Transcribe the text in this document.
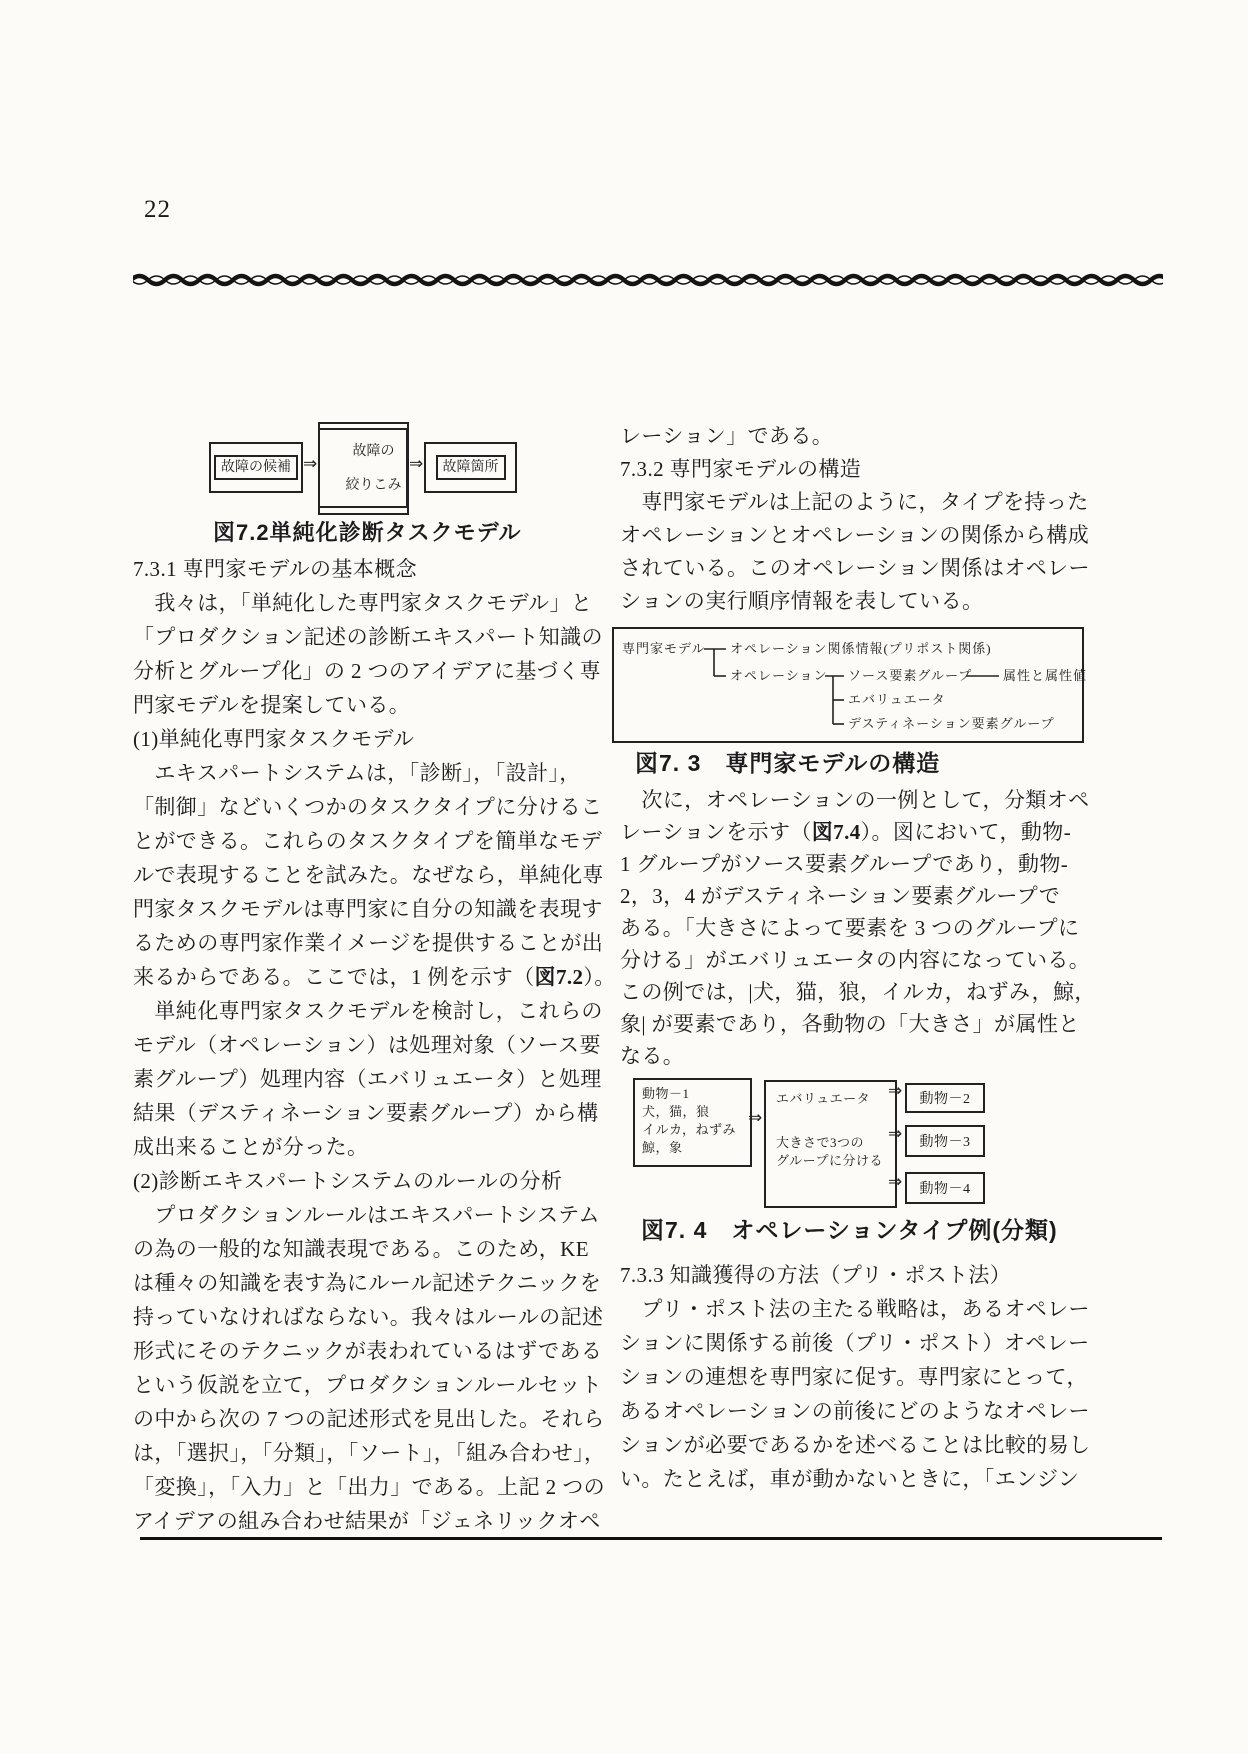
22
故障の候補 ⇒

故障の

絞りこみ

⇒	故障箇所
図7.2単純化診断タスクモデル
7.3.1 専門家モデルの基本概念
　我々は，「単純化した専門家タスクモデル」と
「プロダクション記述の診断エキスパート知識の
分析とグループ化」の 2 つのアイデアに基づく専
門家モデルを提案している。
(1)単純化専門家タスクモデル
　エキスパートシステムは，「診断」，「設計」，
「制御」などいくつかのタスクタイプに分けるこ
とができる。これらのタスクタイプを簡単なモデ
ルで表現することを試みた。なぜなら，単純化専
門家タスクモデルは専門家に自分の知識を表現す
るための専門家作業イメージを提供することが出
来るからである。ここでは，1 例を示す（図7.2）。
　単純化専門家タスクモデルを検討し，これらの
モデル（オペレーション）は処理対象（ソース要
素グループ）処理内容（エバリュエータ）と処理
結果（デスティネーション要素グループ）から構
成出来ることが分った。
(2)診断エキスパートシステムのルールの分析
　プロダクションルールはエキスパートシステム
の為の一般的な知識表現である。このため，KE
は種々の知識を表す為にルール記述テクニックを
持っていなければならない。我々はルールの記述
形式にそのテクニックが表われているはずである
という仮説を立て，プロダクションルールセット
の中から次の 7 つの記述形式を見出した。それら
は，「選択」，「分類」，「ソート」，「組み合わせ」，
「変換」，「入力」と「出力」である。上記 2 つの
アイデアの組み合わせ結果が「ジェネリックオペ
レーション」である。
7.3.2 専門家モデルの構造
　専門家モデルは上記のように，タイプを持った
オペレーションとオペレーションの関係から構成
されている。このオペレーション関係はオペレー
ションの実行順序情報を表している。
専門家モデル オペレーション関係情報(プリポスト関係)
オペレーション ソース要素グループ 属性と属性値
エバリュエータ
デスティネーション要素グループ
図7. 3　専門家モデルの構造
　次に，オペレーションの一例として，分類オペ
レーションを示す（図7.4）。図において，動物-
1 グループがソース要素グループであり，動物-
2，3，4 がデスティネーション要素グループで
ある。「大きさによって要素を 3 つのグループに
分ける」がエバリュエータの内容になっている。
この例では，|犬，猫，狼，イルカ，ねずみ，鯨，
象| が要素であり，各動物の「大きさ」が属性と
なる。
動物－1
犬，猫，狼
イルカ，ねずみ
鯨，象
⇒
エバリュエータ
大きさで3つの
グループに分ける
⇒
⇒
⇒
動物－2
動物－3
動物－4
図7. 4　オペレーションタイプ例(分類)
7.3.3 知識獲得の方法（プリ・ポスト法）
　プリ・ポスト法の主たる戦略は，あるオペレー
ションに関係する前後（プリ・ポスト）オペレー
ションの連想を専門家に促す。専門家にとって，
あるオペレーションの前後にどのようなオペレー
ションが必要であるかを述べることは比較的易し
い。たとえば，車が動かないときに，「エンジン
